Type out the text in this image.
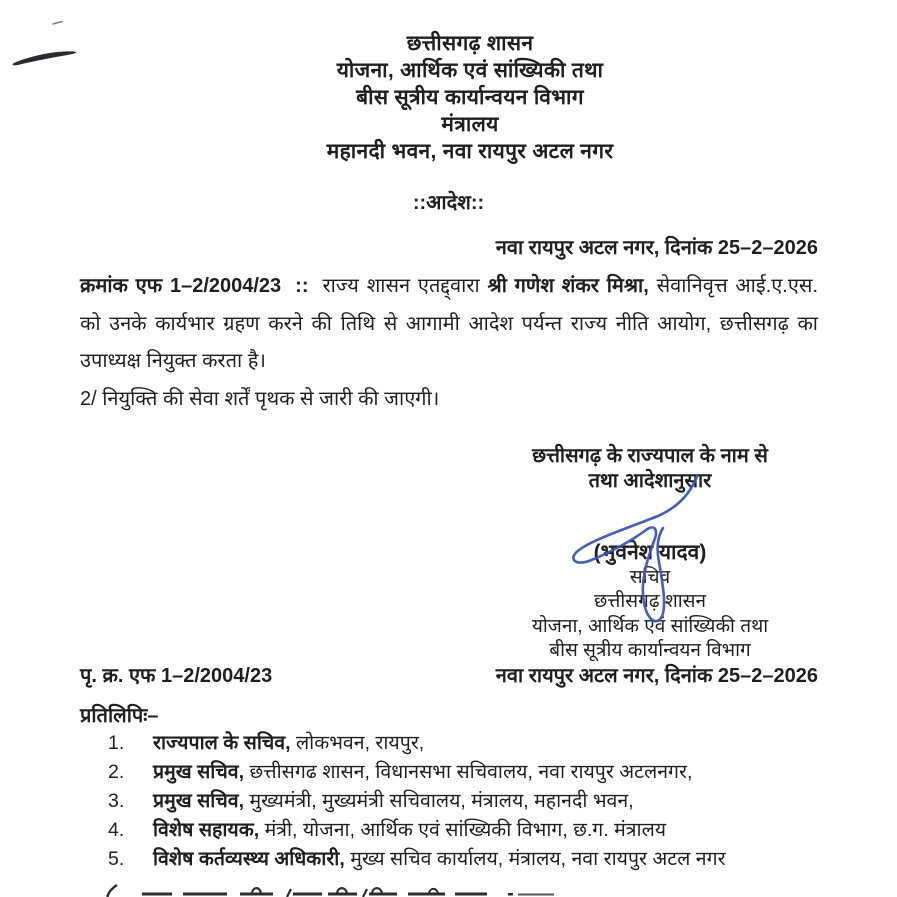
छत्तीसगढ़ शासन
योजना, आर्थिक एवं सांख्यिकी तथा
बीस सूत्रीय कार्यान्वयन विभाग
मंत्रालय
महानदी भवन, नवा रायपुर अटल नगर
::आदेश::
नवा रायपुर अटल नगर, दिनांक 25–2–2026
क्रमांक एफ 1–2/2004/23 :: राज्य शासन एतद्द्वारा श्री गणेश शंकर मिश्रा, सेवानिवृत्त आई.ए.एस. को उनके कार्यभार ग्रहण करने की तिथि से आगामी आदेश पर्यन्त राज्य नीति आयोग, छत्तीसगढ़ का उपाध्यक्ष नियुक्त करता है।
2/ नियुक्ति की सेवा शर्तें पृथक से जारी की जाएगी।
छत्तीसगढ़ के राज्यपाल के नाम से
तथा आदेशानुसार
(भुवनेश यादव)
सचिव
छत्तीसगढ़ शासन
योजना, आर्थिक एवं सांख्यिकी तथा
बीस सूत्रीय कार्यान्वयन विभाग
पृ. क्र. एफ 1–2/2004/23	नवा रायपुर अटल नगर, दिनांक 25–2–2026
प्रतिलिपिः–
1.	राज्यपाल के सचिव, लोकभवन, रायपुर,
2.	प्रमुख सचिव, छत्तीसगढ शासन, विधानसभा सचिवालय, नवा रायपुर अटलनगर,
3.	प्रमुख सचिव, मुख्यमंत्री, मुख्यमंत्री सचिवालय, मंत्रालय, महानदी भवन,
4.	विशेष सहायक, मंत्री, योजना, आर्थिक एवं सांख्यिकी विभाग, छ.ग. मंत्रालय
5.	विशेष कर्तव्यस्थ्य अधिकारी, मुख्य सचिव कार्यालय, मंत्रालय, नवा रायपुर अटल नगर
